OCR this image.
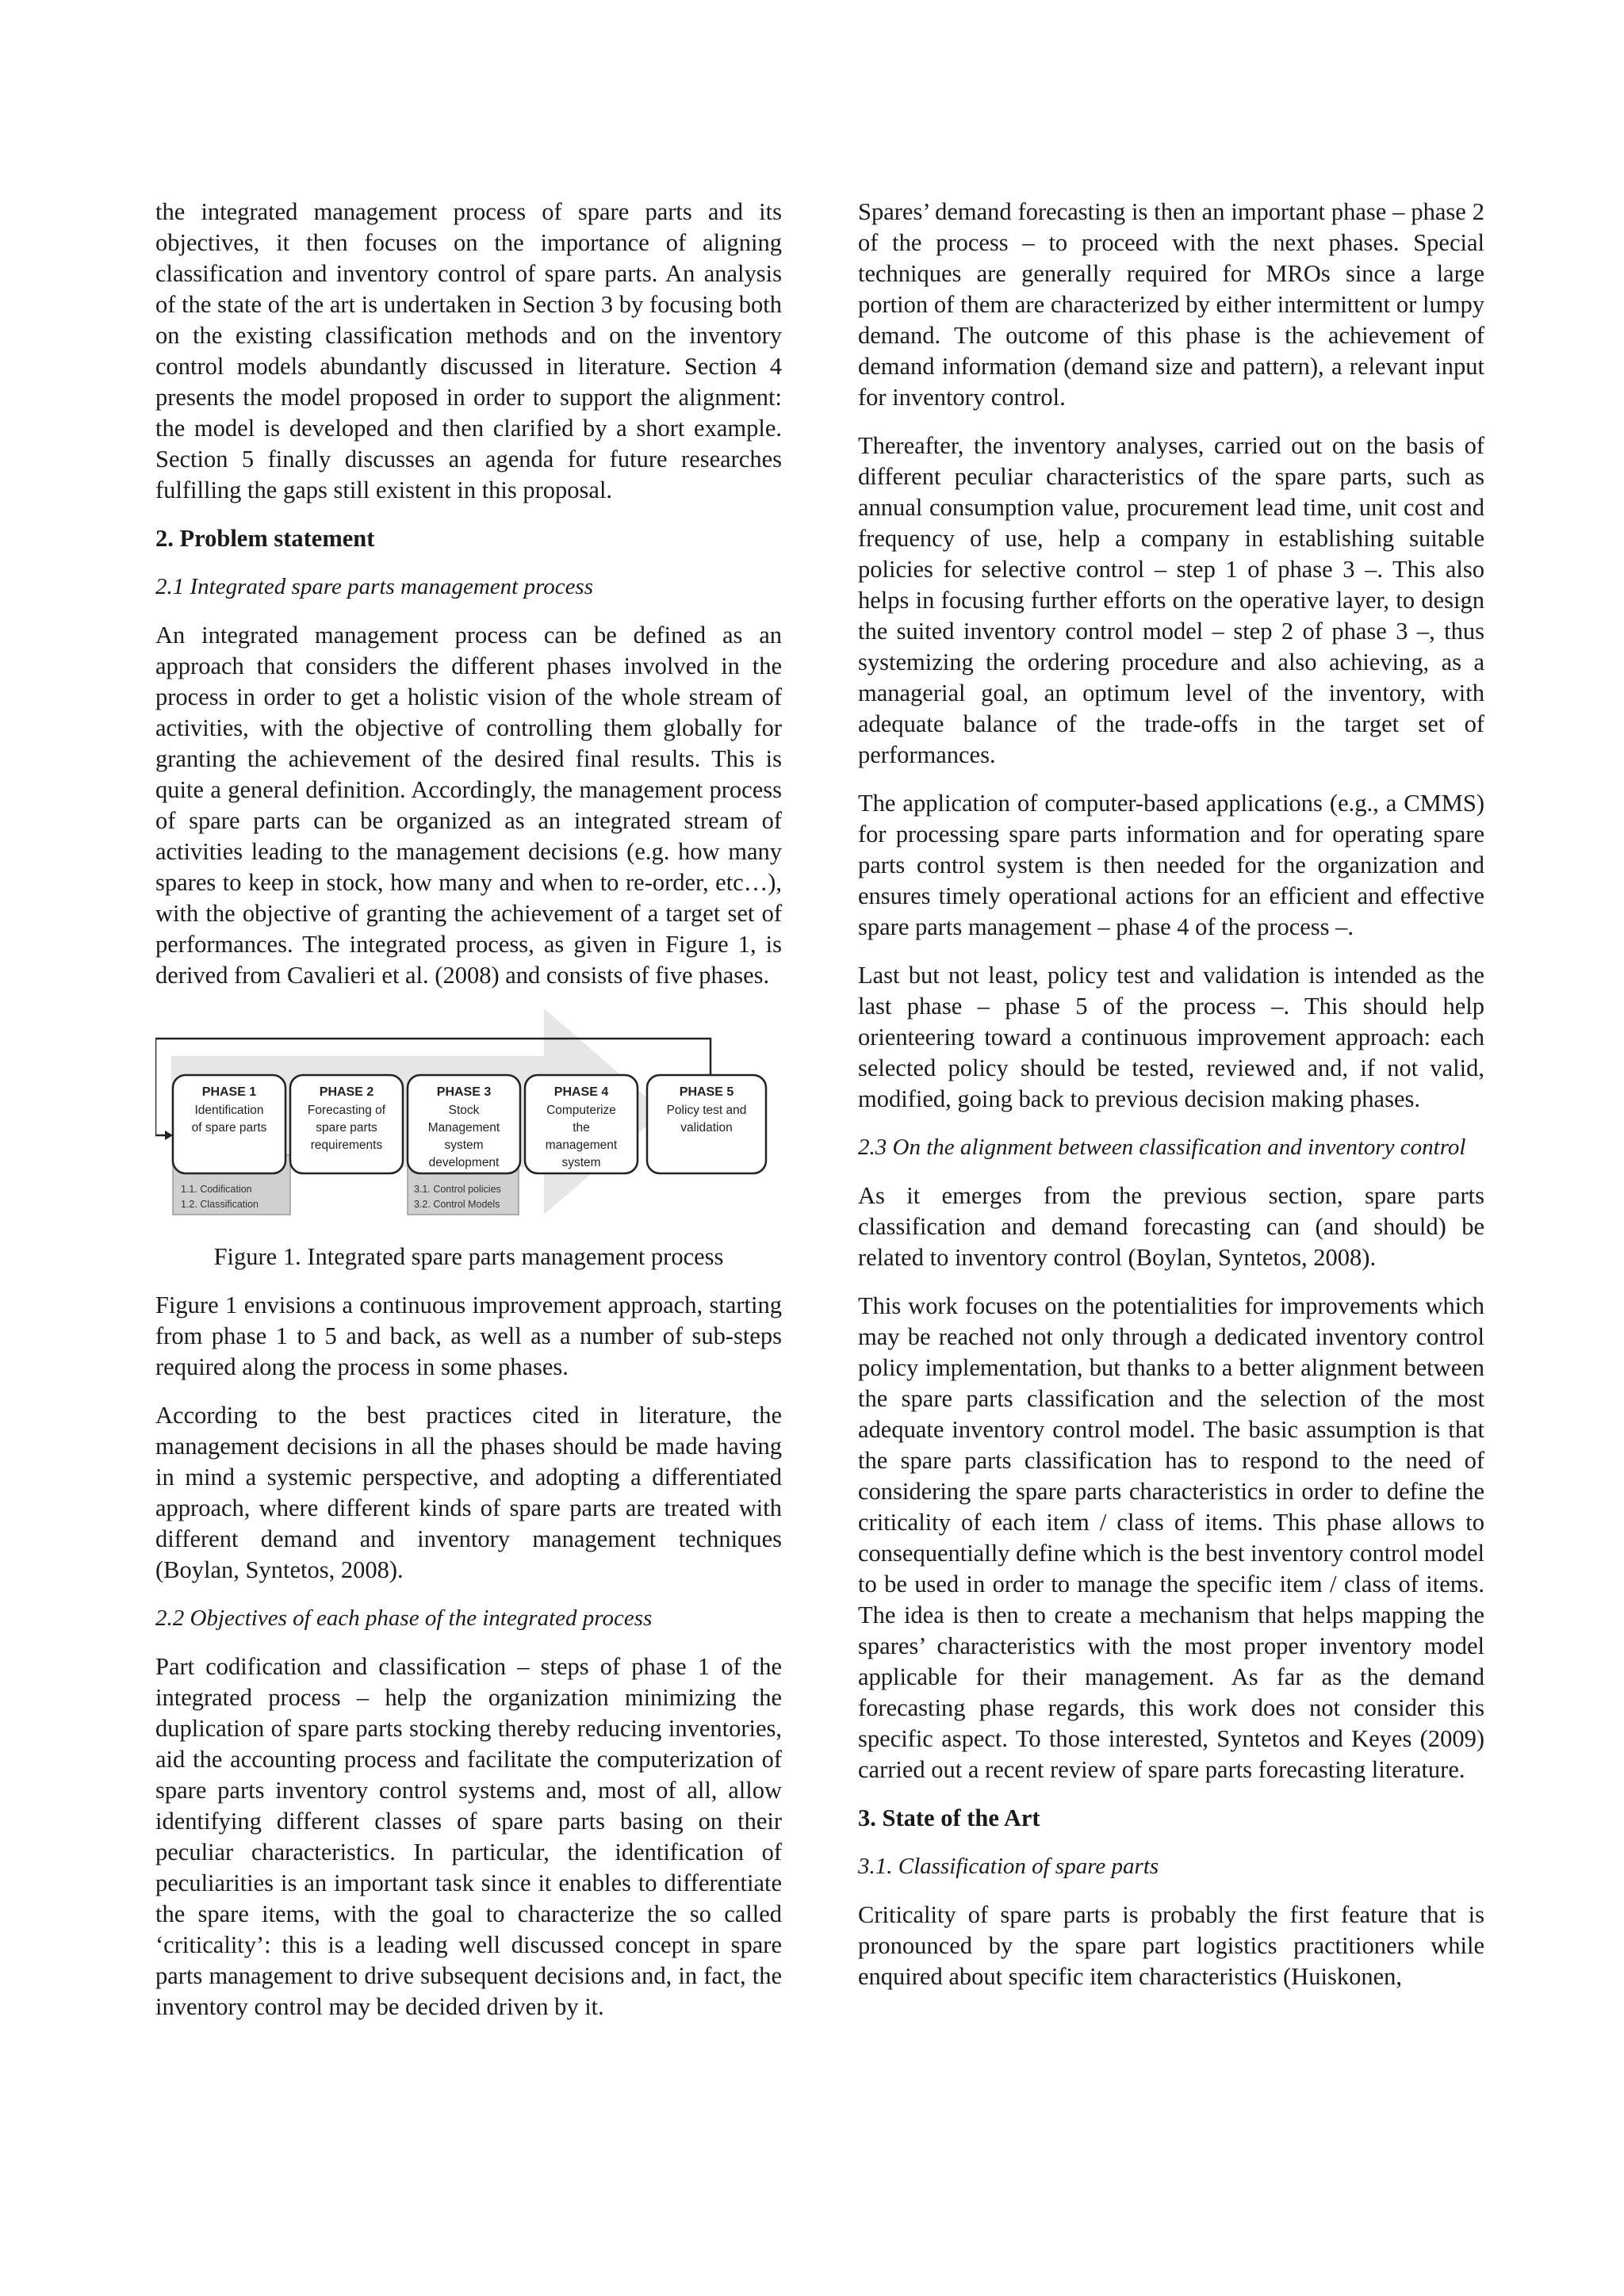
the integrated management process of spare parts and its objectives, it then focuses on the importance of aligning classification and inventory control of spare parts. An analysis of the state of the art is undertaken in Section 3 by focusing both on the existing classification methods and on the inventory control models abundantly discussed in literature. Section 4 presents the model proposed in order to support the alignment: the model is developed and then clarified by a short example. Section 5 finally discusses an agenda for future researches fulfilling the gaps still existent in this proposal.

2. Problem statement
2.1 Integrated spare parts management process

An integrated management process can be defined as an approach that considers the different phases involved in the process in order to get a holistic vision of the whole stream of activities, with the objective of controlling them globally for granting the achievement of the desired final results. This is quite a general definition. Accordingly, the management process of spare parts can be organized as an integrated stream of activities leading to the management decisions (e.g. how many spares to keep in stock, how many and when to re-order, etc…), with the objective of granting the achievement of a target set of performances. The integrated process, as given in Figure 1, is derived from Cavalieri et al. (2008) and consists of five phases.

PHASE 1
Identification
of spare parts
PHASE 2
Forecasting of
spare parts
requirements
PHASE 3
Stock
Management
system
development
PHASE 4
Computerize
the
management
system
PHASE 5
Policy test and
validation
1.1. Codification
1.2. Classification
3.1. Control policies
3.2. Control Models
Figure 1. Integrated spare parts management process

Figure 1 envisions a continuous improvement approach, starting from phase 1 to 5 and back, as well as a number of sub-steps required along the process in some phases.

According to the best practices cited in literature, the management decisions in all the phases should be made having in mind a systemic perspective, and adopting a differentiated approach, where different kinds of spare parts are treated with different demand and inventory management techniques (Boylan, Syntetos, 2008).

2.2 Objectives of each phase of the integrated process

Part codification and classification – steps of phase 1 of the integrated process – help the organization minimizing the duplication of spare parts stocking thereby reducing inventories, aid the accounting process and facilitate the computerization of spare parts inventory control systems and, most of all, allow identifying different classes of spare parts basing on their peculiar characteristics. In particular, the identification of peculiarities is an important task since it enables to differentiate the spare items, with the goal to characterize the so called ‘criticality’: this is a leading well discussed concept in spare parts management to drive subsequent decisions and, in fact, the inventory control may be decided driven by it.

Spares’ demand forecasting is then an important phase – phase 2 of the process – to proceed with the next phases. Special techniques are generally required for MROs since a large portion of them are characterized by either intermittent or lumpy demand. The outcome of this phase is the achievement of demand information (demand size and pattern), a relevant input for inventory control.

Thereafter, the inventory analyses, carried out on the basis of different peculiar characteristics of the spare parts, such as annual consumption value, procurement lead time, unit cost and frequency of use, help a company in establishing suitable policies for selective control – step 1 of phase 3 –. This also helps in focusing further efforts on the operative layer, to design the suited inventory control model – step 2 of phase 3 –, thus systemizing the ordering procedure and also achieving, as a managerial goal, an optimum level of the inventory, with adequate balance of the trade-offs in the target set of performances.

The application of computer-based applications (e.g., a CMMS) for processing spare parts information and for operating spare parts control system is then needed for the organization and ensures timely operational actions for an efficient and effective spare parts management – phase 4 of the process –.

Last but not least, policy test and validation is intended as the last phase – phase 5 of the process –. This should help orienteering toward a continuous improvement approach: each selected policy should be tested, reviewed and, if not valid, modified, going back to previous decision making phases.

2.3 On the alignment between classification and inventory control

As it emerges from the previous section, spare parts classification and demand forecasting can (and should) be related to inventory control (Boylan, Syntetos, 2008).

This work focuses on the potentialities for improvements which may be reached not only through a dedicated inventory control policy implementation, but thanks to a better alignment between the spare parts classification and the selection of the most adequate inventory control model. The basic assumption is that the spare parts classification has to respond to the need of considering the spare parts characteristics in order to define the criticality of each item / class of items. This phase allows to consequentially define which is the best inventory control model to be used in order to manage the specific item / class of items. The idea is then to create a mechanism that helps mapping the spares’ characteristics with the most proper inventory model applicable for their management. As far as the demand forecasting phase regards, this work does not consider this specific aspect. To those interested, Syntetos and Keyes (2009) carried out a recent review of spare parts forecasting literature.

3. State of the Art
3.1. Classification of spare parts

Criticality of spare parts is probably the first feature that is pronounced by the spare part logistics practitioners while enquired about specific item characteristics (Huiskonen,
